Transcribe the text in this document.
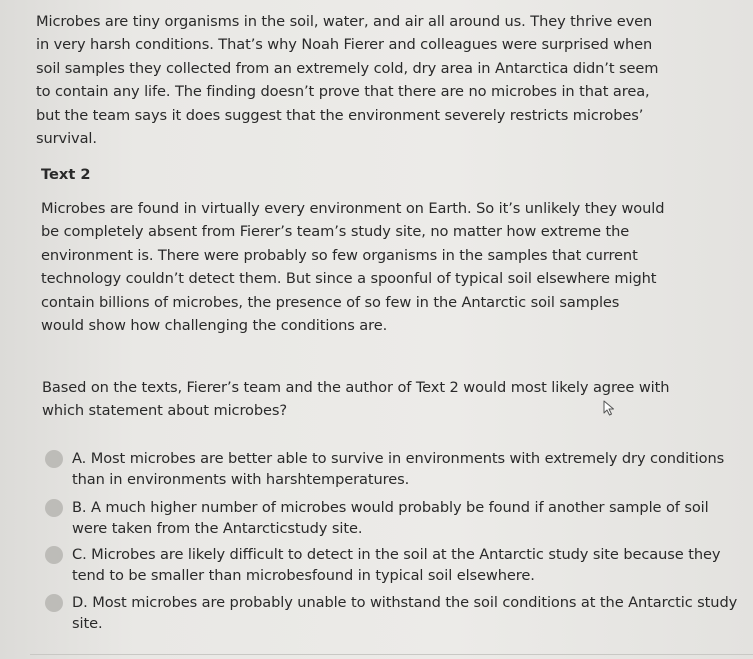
Microbes are tiny organisms in the soil, water, and air all around us. They thrive even
in very harsh conditions. That’s why Noah Fierer and colleagues were surprised when
soil samples they collected from an extremely cold, dry area in Antarctica didn’t seem
to contain any life. The finding doesn’t prove that there are no microbes in that area,
but the team says it does suggest that the environment severely restricts microbes’
survival.
Text 2
Microbes are found in virtually every environment on Earth. So it’s unlikely they would
be completely absent from Fierer’s team’s study site, no matter how extreme the
environment is. There were probably so few organisms in the samples that current
technology couldn’t detect them. But since a spoonful of typical soil elsewhere might
contain billions of microbes, the presence of so few in the Antarctic soil samples
would show how challenging the conditions are.
Based on the texts, Fierer’s team and the author of Text 2 would most likely agree with
which statement about microbes?
A. Most microbes are better able to survive in environments with extremely dry conditions
than in environments with harshtemperatures.
B. A much higher number of microbes would probably be found if another sample of soil
were taken from the Antarcticstudy site.
C. Microbes are likely difficult to detect in the soil at the Antarctic study site because they
tend to be smaller than microbesfound in typical soil elsewhere.
D. Most microbes are probably unable to withstand the soil conditions at the Antarctic study
site.
